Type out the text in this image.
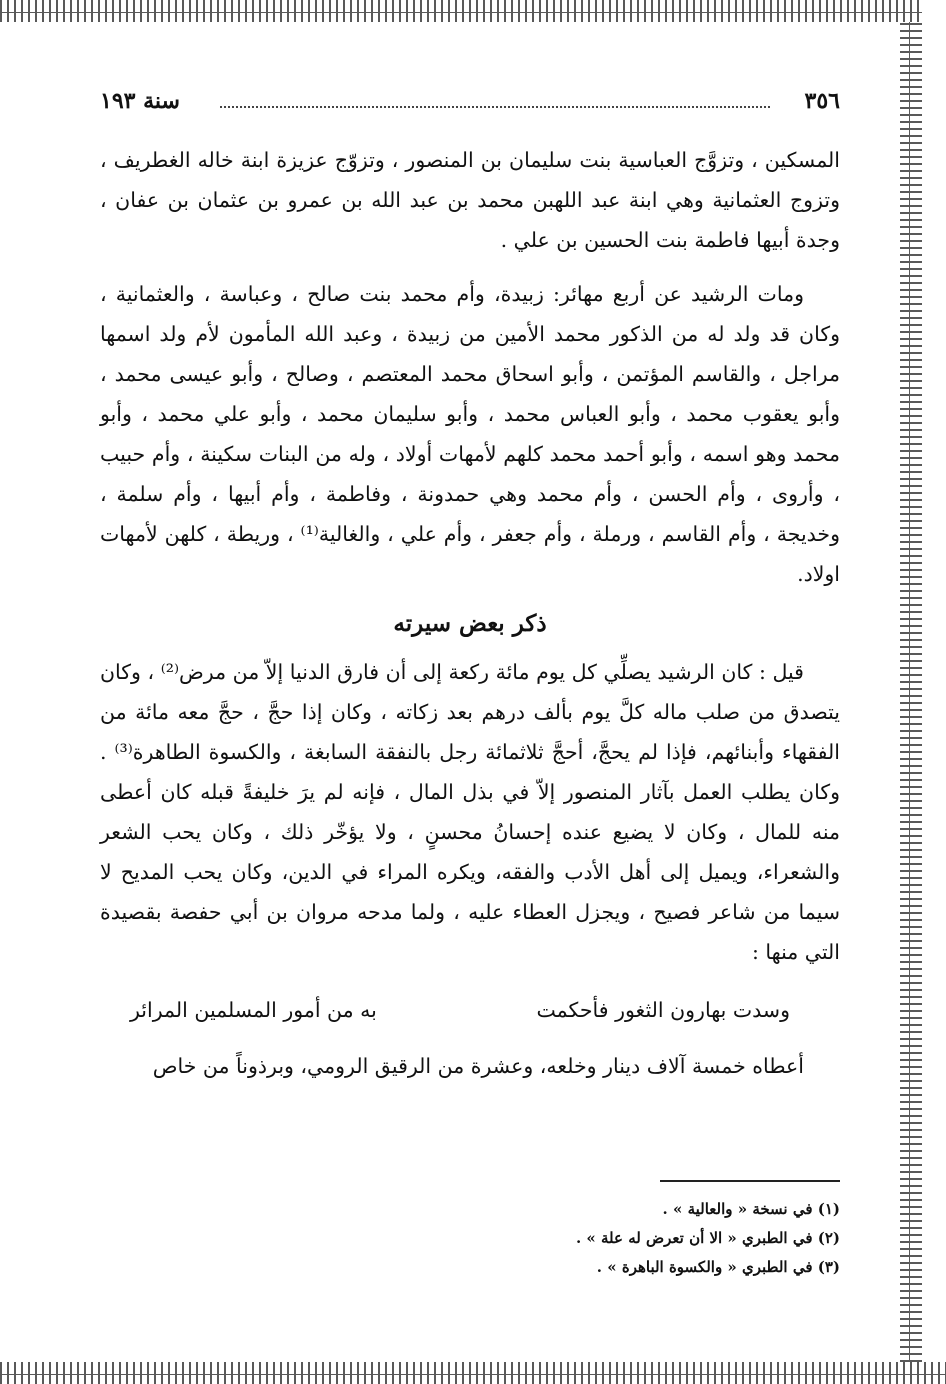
٣٥٦
سنة ١٩٣

المسكين ، وتزوَّج العباسية بنت سليمان بن المنصور ، وتزوّج عزيزة ابنة خاله الغطريف ، وتزوج العثمانية وهي ابنة عبد اللهبن محمد بن عبد الله بن عمرو بن عثمان بن عفان ، وجدة أبيها فاطمة بنت الحسين بن علي .

ومات الرشيد عن أربع مهائر: زبيدة، وأم محمد بنت صالح ، وعباسة ، والعثمانية ، وكان قد ولد له من الذكور محمد الأمين من زبيدة ، وعبد الله المأمون لأم ولد اسمها مراجل ، والقاسم المؤتمن ، وأبو اسحاق محمد المعتصم ، وصالح ، وأبو عيسى محمد ، وأبو يعقوب محمد ، وأبو العباس محمد ، وأبو سليمان محمد ، وأبو علي محمد ، وأبو محمد وهو اسمه ، وأبو أحمد محمد كلهم لأمهات أولاد ، وله من البنات سكينة ، وأم حبيب ، وأروى ، وأم الحسن ، وأم محمد وهي حمدونة ، وفاطمة ، وأم أبيها ، وأم سلمة ، وخديجة ، وأم القاسم ، ورملة ، وأم جعفر ، وأم علي ، والغالية⁽¹⁾ ، وريطة ، كلهن لأمهات اولاد.

ذكر بعض سيرته

قيل : كان الرشيد يصلِّي كل يوم مائة ركعة إلى أن فارق الدنيا إلاّ من مرض⁽²⁾ ، وكان يتصدق من صلب ماله كلَّ يوم بألف درهم بعد زكاته ، وكان إذا حجَّ ، حجَّ معه مائة من الفقهاء وأبنائهم، فإذا لم يحجَّ، أحجَّ ثلاثمائة رجل بالنفقة السابغة ، والكسوة الطاهرة⁽³⁾ . وكان يطلب العمل بآثار المنصور إلاّ في بذل المال ، فإنه لم يرَ خليفةً قبله كان أعطى منه للمال ، وكان لا يضيع عنده إحسانُ محسنٍ ، ولا يؤخّر ذلك ، وكان يحب الشعر والشعراء، ويميل إلى أهل الأدب والفقه، ويكره المراء في الدين، وكان يحب المديح لا سيما من شاعر فصيح ، ويجزل العطاء عليه ، ولما مدحه مروان بن أبي حفصة بقصيدة التي منها :

وسدت بهارون الثغور فأحكمت
به من أمور المسلمين المرائر

أعطاه خمسة آلاف دينار وخلعه، وعشرة من الرقيق الرومي، وبرذوناً من خاص

(١) في نسخة « والعالية » .

(٢) في الطبري « الا أن تعرض له علة » .

(٣) في الطبري « والكسوة الباهرة » .
